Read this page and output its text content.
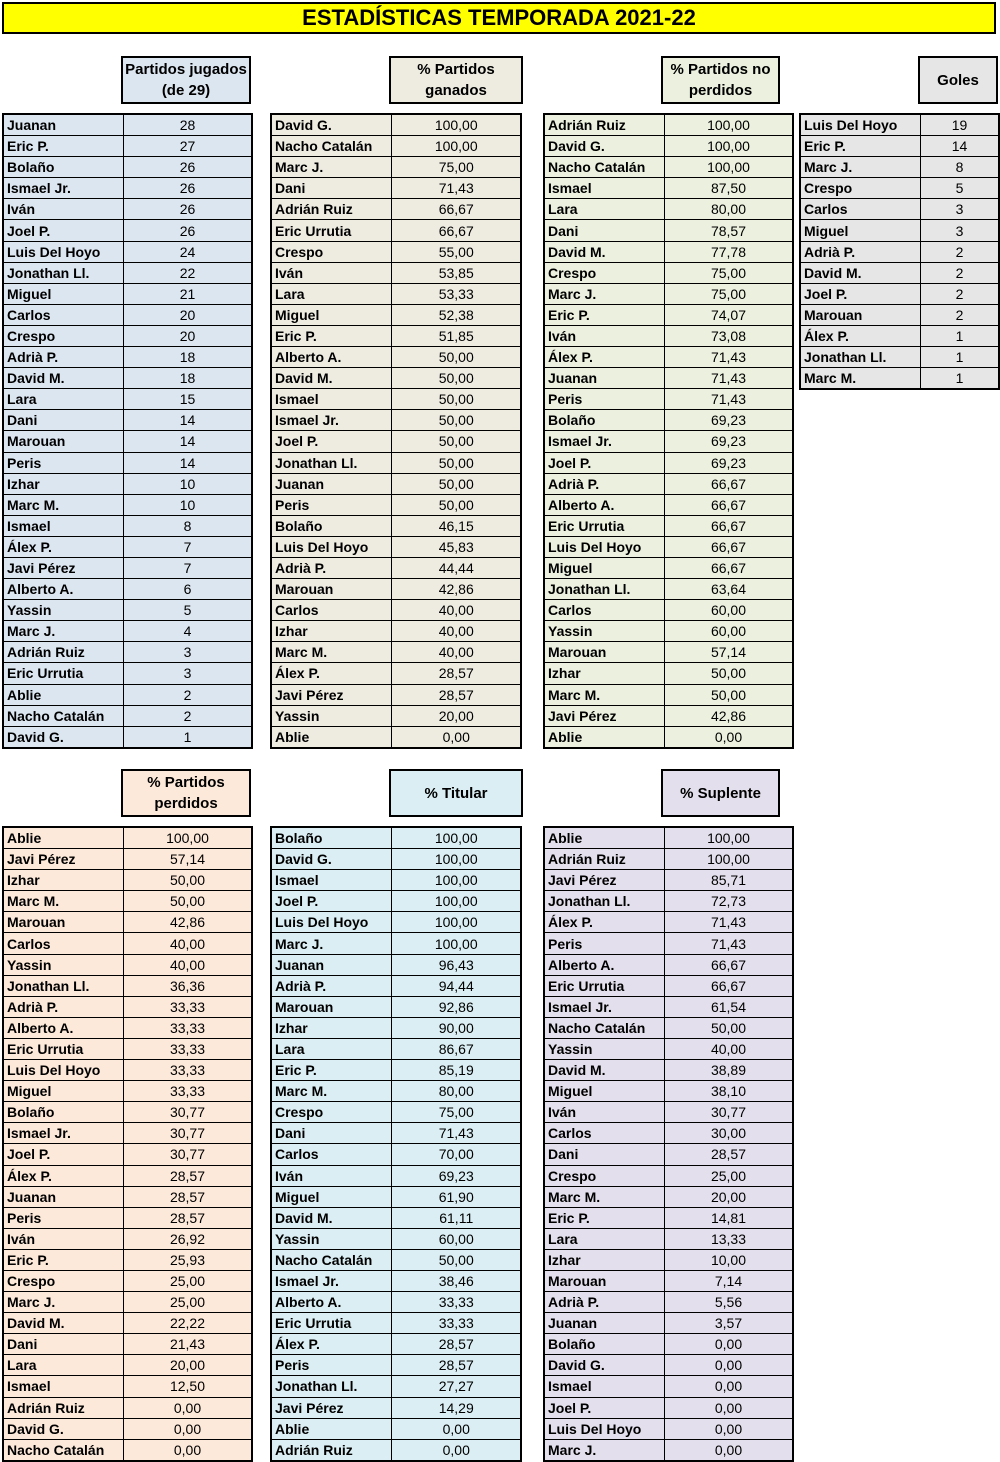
ESTADÍSTICAS TEMPORADA 2021-22
Partidos jugados (de 29)
% Partidos ganados
% Partidos no perdidos
Goles
% Partidos perdidos
% Titular	% Suplente
Juanan	28
Eric P.	27
Bolaño	26
Ismael Jr.	26
Iván	26
Joel P.	26
Luis Del Hoyo	24
Jonathan Ll.	22
Miguel	21
Carlos	20
Crespo	20
Adrià P.	18
David M.	18
Lara	15
Dani	14
Marouan	14
Peris	14
Izhar	10
Marc M.	10
Ismael	8
Álex P.	7
Javi Pérez	7
Alberto A.	6
Yassin	5
Marc J.	4
Adrián Ruiz	3
Eric Urrutia	3
Ablie	2
Nacho Catalán	2
David G.	1
David G.	100,00
Nacho Catalán	100,00
Marc J.	75,00
Dani	71,43
Adrián Ruiz	66,67
Eric Urrutia	66,67
Crespo	55,00
Iván	53,85
Lara	53,33
Miguel	52,38
Eric P.	51,85
Alberto A.	50,00
David M.	50,00
Ismael	50,00
Ismael Jr.	50,00
Joel P.	50,00
Jonathan Ll.	50,00
Juanan	50,00
Peris	50,00
Bolaño	46,15
Luis Del Hoyo	45,83
Adrià P.	44,44
Marouan	42,86
Carlos	40,00
Izhar	40,00
Marc M.	40,00
Álex P.	28,57
Javi Pérez	28,57
Yassin	20,00
Ablie	0,00
Adrián Ruiz	100,00
David G.	100,00
Nacho Catalán	100,00
Ismael	87,50
Lara	80,00
Dani	78,57
David M.	77,78
Crespo	75,00
Marc J.	75,00
Eric P.	74,07
Iván	73,08
Álex P.	71,43
Juanan	71,43
Peris	71,43
Bolaño	69,23
Ismael Jr.	69,23
Joel P.	69,23
Adrià P.	66,67
Alberto A.	66,67
Eric Urrutia	66,67
Luis Del Hoyo	66,67
Miguel	66,67
Jonathan Ll.	63,64
Carlos	60,00
Yassin	60,00
Marouan	57,14
Izhar	50,00
Marc M.	50,00
Javi Pérez	42,86
Ablie	0,00
Luis Del Hoyo	19
Eric P.	14
Marc J.	8
Crespo	5
Carlos	3
Miguel	3
Adrià P.	2
David M.	2
Joel P.	2
Marouan	2
Álex P.	1
Jonathan Ll.	1
Marc M.	1
Ablie	100,00
Javi Pérez	57,14
Izhar	50,00
Marc M.	50,00
Marouan	42,86
Carlos	40,00
Yassin	40,00
Jonathan Ll.	36,36
Adrià P.	33,33
Alberto A.	33,33
Eric Urrutia	33,33
Luis Del Hoyo	33,33
Miguel	33,33
Bolaño	30,77
Ismael Jr.	30,77
Joel P.	30,77
Álex P.	28,57
Juanan	28,57
Peris	28,57
Iván	26,92
Eric P.	25,93
Crespo	25,00
Marc J.	25,00
David M.	22,22
Dani	21,43
Lara	20,00
Ismael	12,50
Adrián Ruiz	0,00
David G.	0,00
Nacho Catalán	0,00
Bolaño	100,00
David G.	100,00
Ismael	100,00
Joel P.	100,00
Luis Del Hoyo	100,00
Marc J.	100,00
Juanan	96,43
Adrià P.	94,44
Marouan	92,86
Izhar	90,00
Lara	86,67
Eric P.	85,19
Marc M.	80,00
Crespo	75,00
Dani	71,43
Carlos	70,00
Iván	69,23
Miguel	61,90
David M.	61,11
Yassin	60,00
Nacho Catalán	50,00
Ismael Jr.	38,46
Alberto A.	33,33
Eric Urrutia	33,33
Álex P.	28,57
Peris	28,57
Jonathan Ll.	27,27
Javi Pérez	14,29
Ablie	0,00
Adrián Ruiz	0,00
Ablie	100,00
Adrián Ruiz	100,00
Javi Pérez	85,71
Jonathan Ll.	72,73
Álex P.	71,43
Peris	71,43
Alberto A.	66,67
Eric Urrutia	66,67
Ismael Jr.	61,54
Nacho Catalán	50,00
Yassin	40,00
David M.	38,89
Miguel	38,10
Iván	30,77
Carlos	30,00
Dani	28,57
Crespo	25,00
Marc M.	20,00
Eric P.	14,81
Lara	13,33
Izhar	10,00
Marouan	7,14
Adrià P.	5,56
Juanan	3,57
Bolaño	0,00
David G.	0,00
Ismael	0,00
Joel P.	0,00
Luis Del Hoyo	0,00
Marc J.	0,00
